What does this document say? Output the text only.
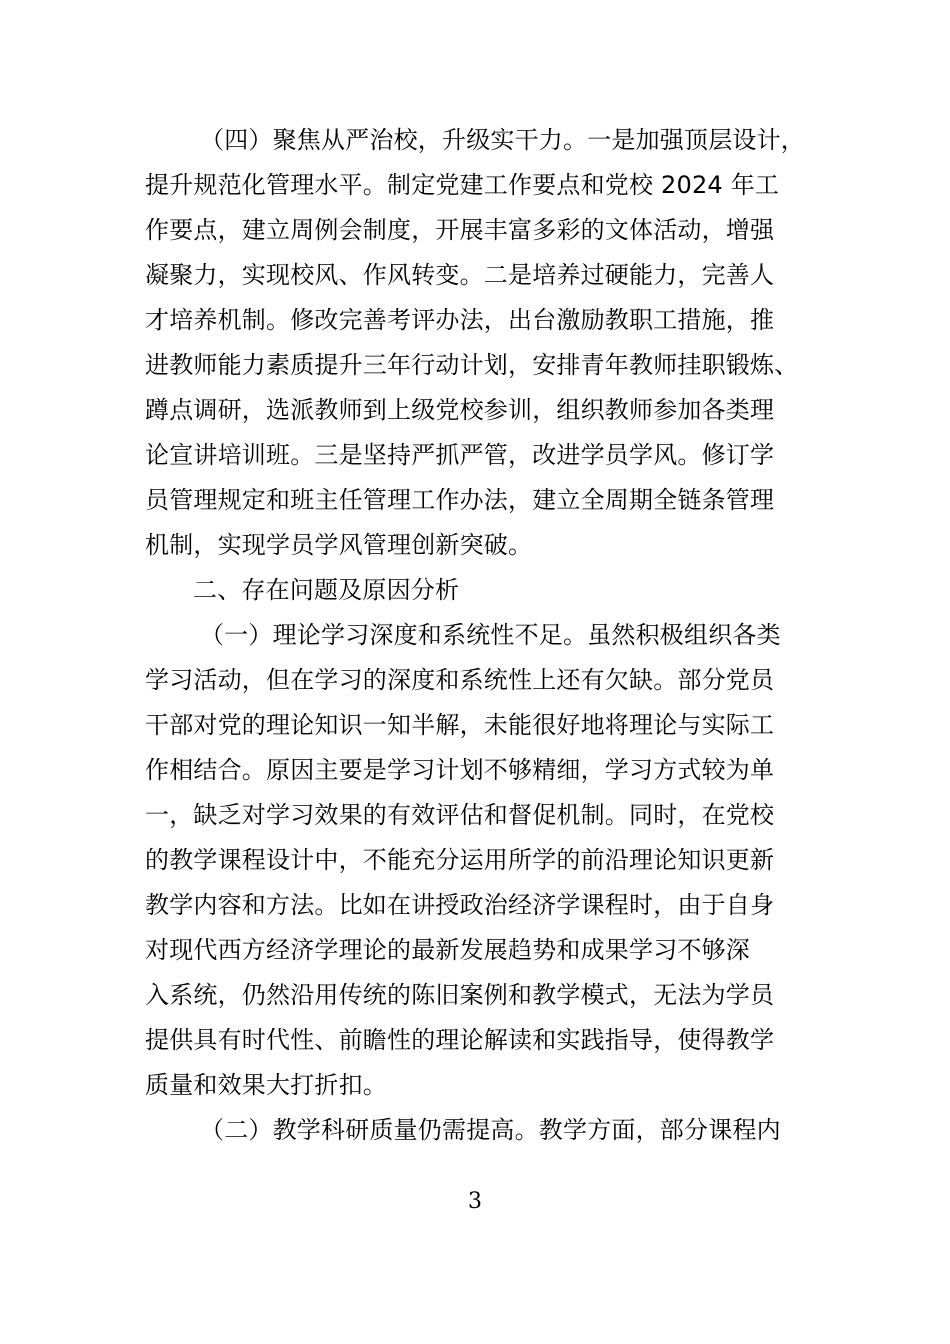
（四）聚焦从严治校，升级实干力。一是加强顶层设计，
提升规范化管理水平。制定党建工作要点和党校 2024 年工
作要点，建立周例会制度，开展丰富多彩的文体活动，增强
凝聚力，实现校风、作风转变。二是培养过硬能力，完善人
才培养机制。修改完善考评办法，出台激励教职工措施，推
进教师能力素质提升三年行动计划，安排青年教师挂职锻炼、
蹲点调研，选派教师到上级党校参训，组织教师参加各类理
论宣讲培训班。三是坚持严抓严管，改进学员学风。修订学
员管理规定和班主任管理工作办法，建立全周期全链条管理
机制，实现学员学风管理创新突破。
二、存在问题及原因分析
（一）理论学习深度和系统性不足。虽然积极组织各类
学习活动，但在学习的深度和系统性上还有欠缺。部分党员
干部对党的理论知识一知半解，未能很好地将理论与实际工
作相结合。原因主要是学习计划不够精细，学习方式较为单
一，缺乏对学习效果的有效评估和督促机制。同时，在党校
的教学课程设计中，不能充分运用所学的前沿理论知识更新
教学内容和方法。比如在讲授政治经济学课程时，由于自身
对现代西方经济学理论的最新发展趋势和成果学习不够深
入系统，仍然沿用传统的陈旧案例和教学模式，无法为学员
提供具有时代性、前瞻性的理论解读和实践指导，使得教学
质量和效果大打折扣。
（二）教学科研质量仍需提高。教学方面，部分课程内
3
